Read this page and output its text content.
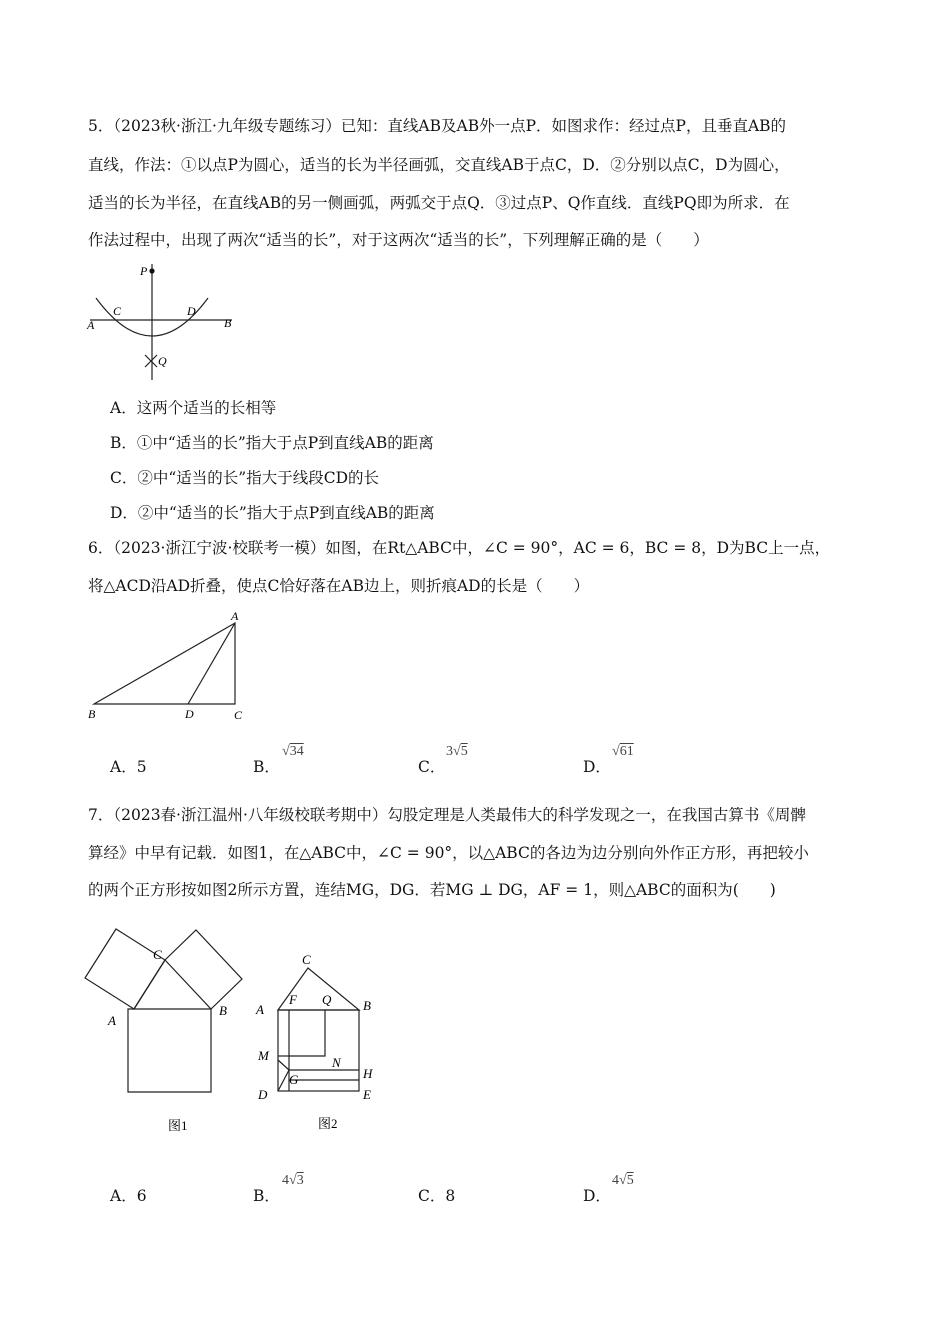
5．（2023秋·浙江·九年级专题练习）已知：直线AB及AB外一点P．如图求作：经过点P，且垂直AB的
直线，作法：①以点P为圆心，适当的长为半径画弧，交直线AB于点C，D．②分别以点C，D为圆心，
适当的长为半径，在直线AB的另一侧画弧，两弧交于点Q．③过点P、Q作直线．直线PQ即为所求．在
作法过程中，出现了两次“适当的长”，对于这两次“适当的长”，下列理解正确的是（　　）
P
C	D
A	B
Q
A．这两个适当的长相等
B．①中“适当的长”指大于点P到直线AB的距离
C．②中“适当的长”指大于线段CD的长
D．②中“适当的长”指大于点P到直线AB的距离
6．（2023·浙江宁波·校联考一模）如图，在Rt△ABC中，∠C = 90°，AC = 6，BC = 8，D为BC上一点，
将△ACD沿AD折叠，使点C恰好落在AB边上，则折痕AD的长是（　　）
A
B	D	C
A．5	B．
√34
C．
3√5
D．
√61
7．（2023春·浙江温州·八年级校联考期中）勾股定理是人类最伟大的科学发现之一，在我国古算书《周髀
算经》中早有记载．如图1，在△ABC中，∠C = 90°，以△ABC的各边为边分别向外作正方形，再把较小
的两个正方形按如图2所示方置，连结MG，DG．若MG ⊥ DG，AF = 1，则△ABC的面积为(　　)
C
A
B
图1
C
A
F Q B
M	N
G	H
D	E
图2
A．6	B．
4√3
C．8	D．
4√5
